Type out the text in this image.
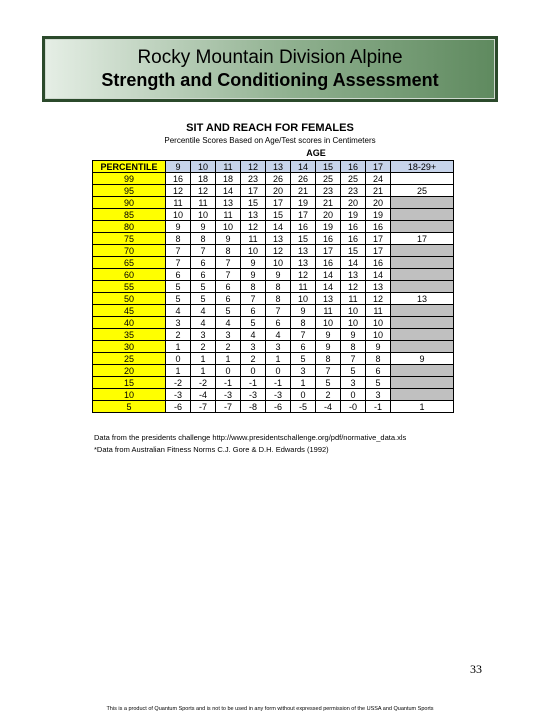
Rocky Mountain Division Alpine
Strength and Conditioning Assessment
SIT AND REACH FOR FEMALES
Percentile Scores Based on Age/Test scores in Centimeters
AGE
PERCENTILE	9	10	11	12	13	14	15	16	17	18-29+
99	16	18	18	23	26	26	25	25	24	
95	12	12	14	17	20	21	23	23	21	25
90	11	11	13	15	17	19	21	20	20	
85	10	10	11	13	15	17	20	19	19	
80	9	9	10	12	14	16	19	16	16	
75	8	8	9	11	13	15	16	16	17	17
70	7	7	8	10	12	13	17	15	17	
65	7	6	7	9	10	13	16	14	16	
60	6	6	7	9	9	12	14	13	14	
55	5	5	6	8	8	11	14	12	13	
50	5	5	6	7	8	10	13	11	12	13
45	4	4	5	6	7	9	11	10	11	
40	3	4	4	5	6	8	10	10	10	
35	2	3	3	4	4	7	9	9	10	
30	1	2	2	3	3	6	9	8	9	
25	0	1	1	2	1	5	8	7	8	9
20	1	1	0	0	0	3	7	5	6	
15	-2	-2	-1	-1	-1	1	5	3	5	
10	-3	-4	-3	-3	-3	0	2	0	3	
5	-6	-7	-7	-8	-6	-5	-4	-0	-1	1
Data from the presidents challenge http://www.presidentschallenge.org/pdf/normative_data.xls
*Data from Australian Fitness Norms C.J. Gore & D.H. Edwards (1992)
33
This is a product of Quantum Sports and is not to be used in any form without expressed permission of the USSA and Quantum Sports
